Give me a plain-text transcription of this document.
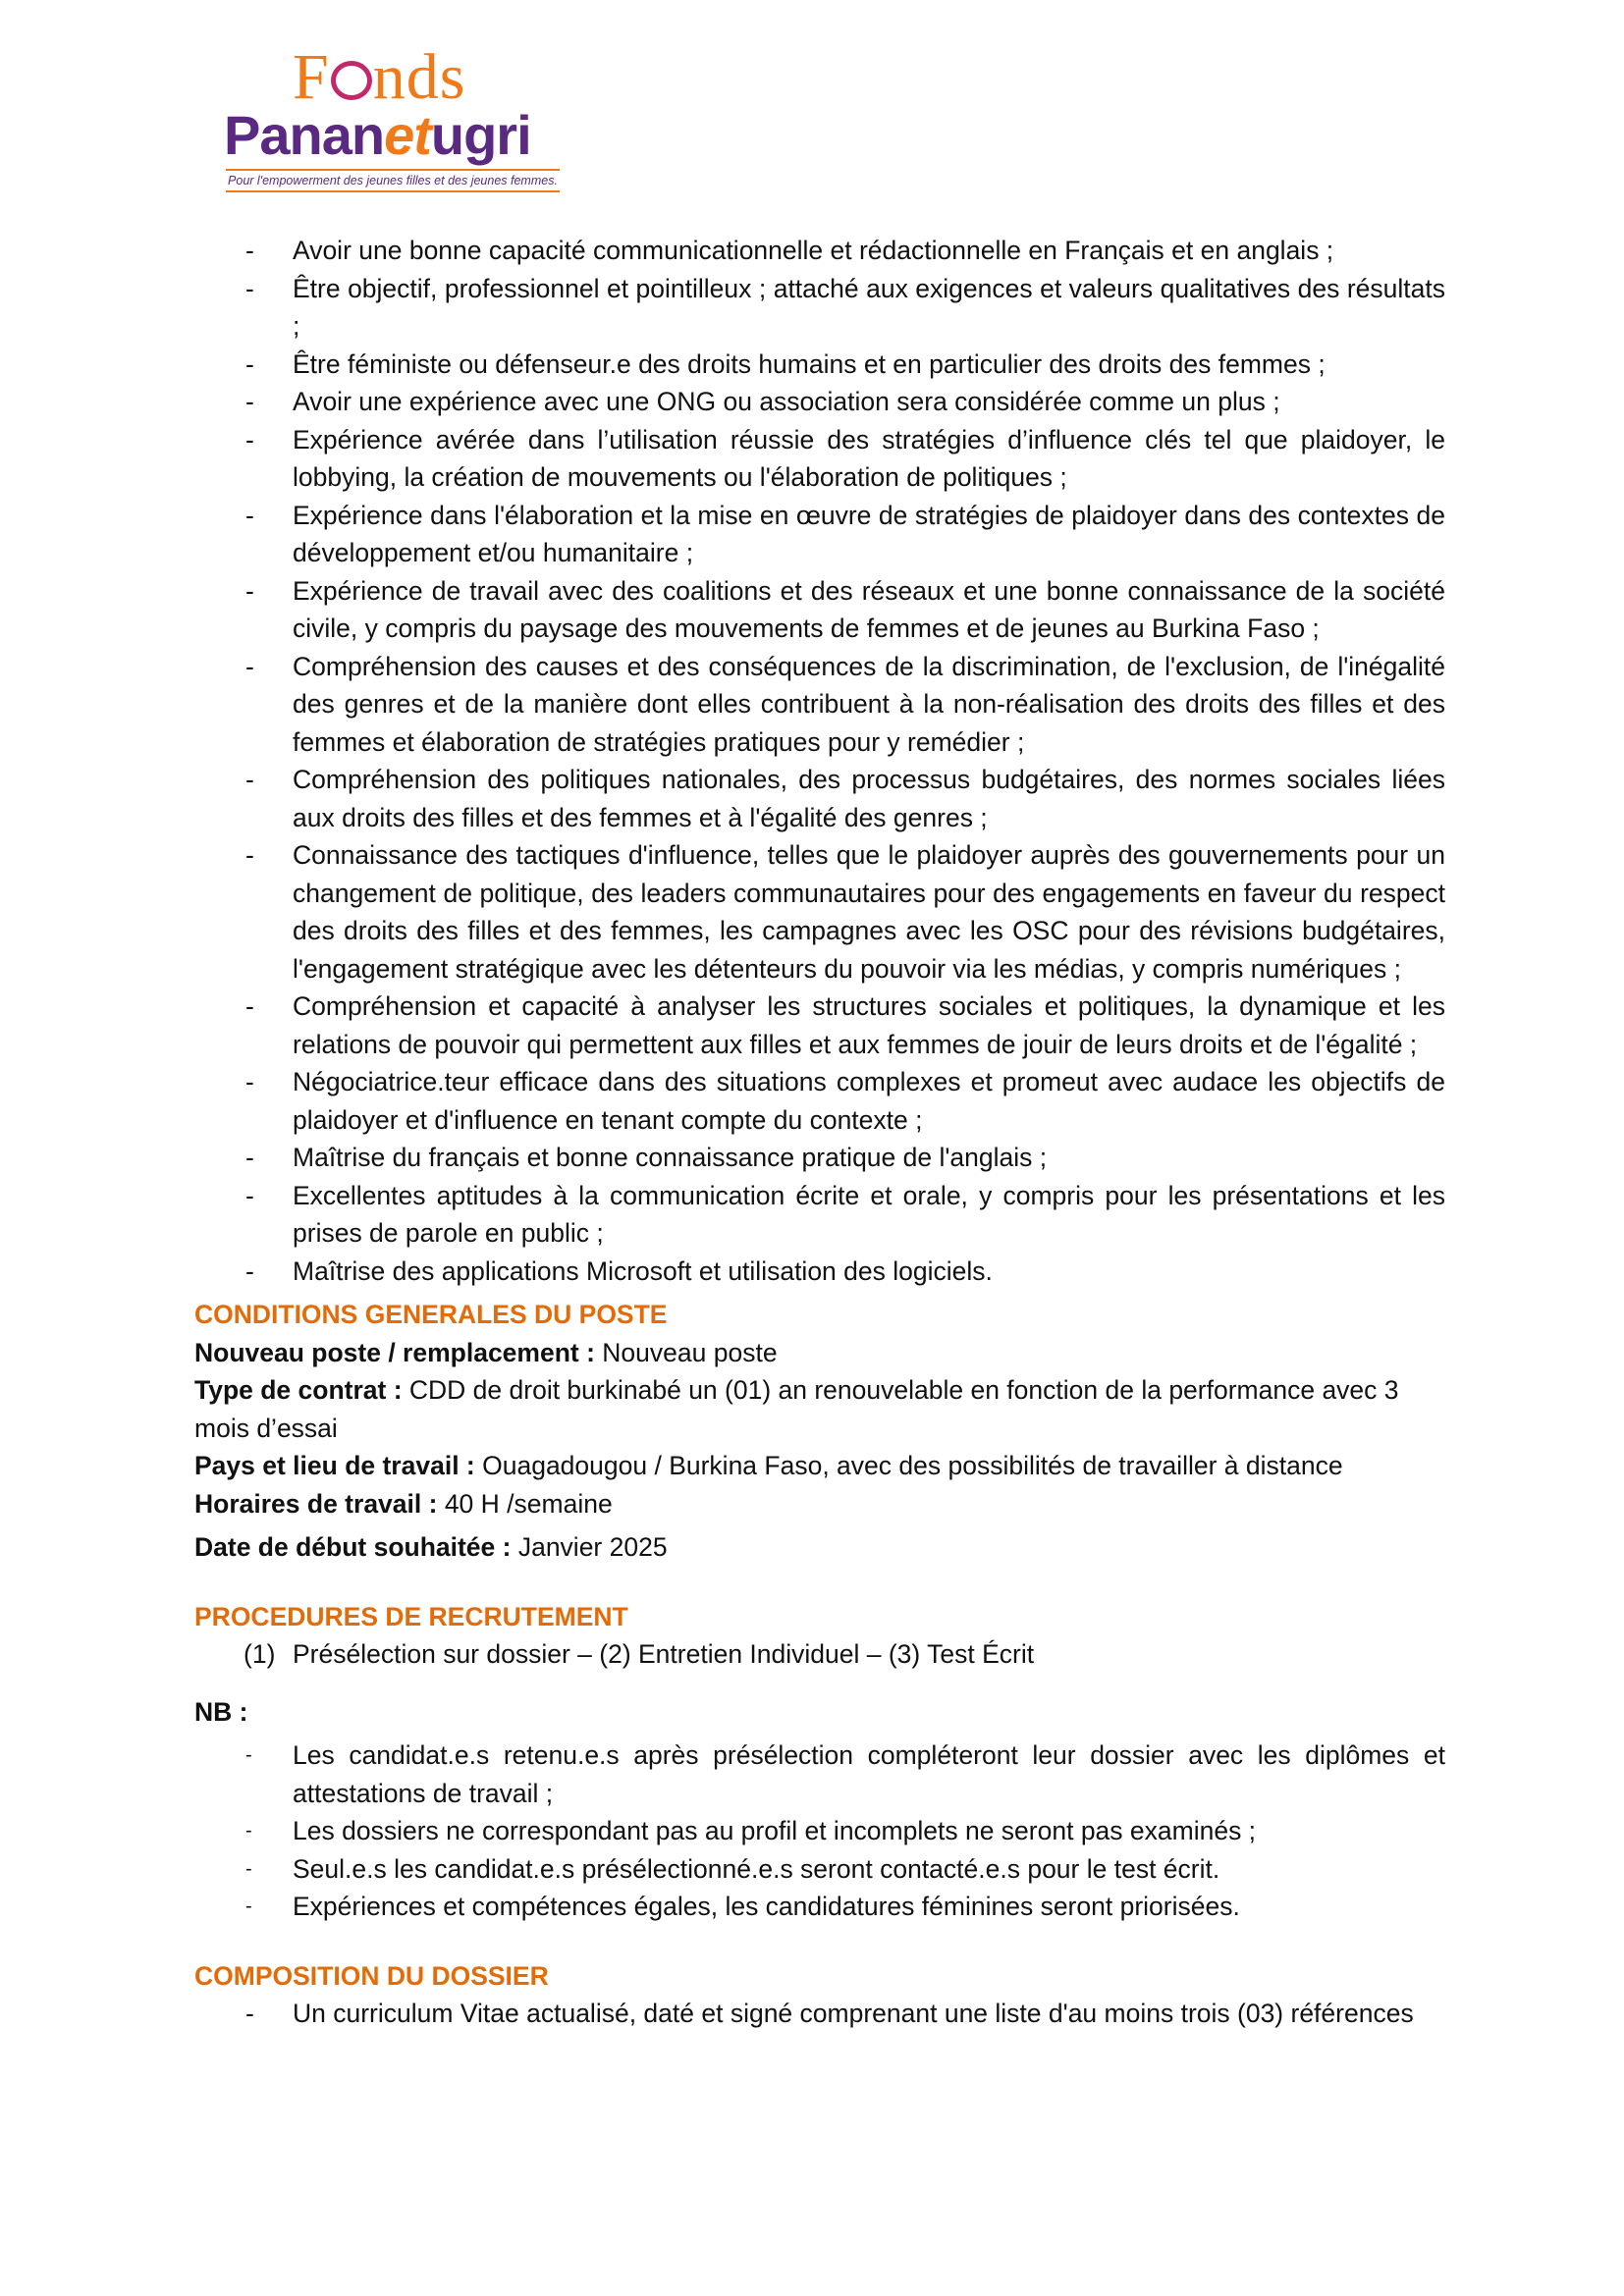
F nds
Pananetugri
Pour l'empowerment des jeunes filles et des jeunes femmes.
- Avoir une bonne capacité communicationnelle et rédactionnelle en Français et en anglais ;
- Être objectif, professionnel et pointilleux ; attaché aux exigences et valeurs qualitatives des résultats ;
- Être féministe ou défenseur.e des droits humains et en particulier des droits des femmes ;
- Avoir une expérience avec une ONG ou association sera considérée comme un plus ;
- Expérience avérée dans l’utilisation réussie des stratégies d’influence clés tel que plaidoyer, le lobbying, la création de mouvements ou l'élaboration de politiques ;
- Expérience dans l'élaboration et la mise en œuvre de stratégies de plaidoyer dans des contextes de développement et/ou humanitaire ;
- Expérience de travail avec des coalitions et des réseaux et une bonne connaissance de la société civile, y compris du paysage des mouvements de femmes et de jeunes au Burkina Faso ;
- Compréhension des causes et des conséquences de la discrimination, de l'exclusion, de l'inégalité des genres et de la manière dont elles contribuent à la non-réalisation des droits des filles et des femmes et élaboration de stratégies pratiques pour y remédier ;
- Compréhension des politiques nationales, des processus budgétaires, des normes sociales liées aux droits des filles et des femmes et à l'égalité des genres ;
- Connaissance des tactiques d'influence, telles que le plaidoyer auprès des gouvernements pour un changement de politique, des leaders communautaires pour des engagements en faveur du respect des droits des filles et des femmes, les campagnes avec les OSC pour des révisions budgétaires, l'engagement stratégique avec les détenteurs du pouvoir via les médias, y compris numériques ;
- Compréhension et capacité à analyser les structures sociales et politiques, la dynamique et les relations de pouvoir qui permettent aux filles et aux femmes de jouir de leurs droits et de l'égalité ;
- Négociatrice.teur efficace dans des situations complexes et promeut avec audace les objectifs de plaidoyer et d'influence en tenant compte du contexte ;
- Maîtrise du français et bonne connaissance pratique de l'anglais ;
- Excellentes aptitudes à la communication écrite et orale, y compris pour les présentations et les prises de parole en public ;
- Maîtrise des applications Microsoft et utilisation des logiciels.

CONDITIONS GENERALES DU POSTE

Nouveau poste / remplacement : Nouveau poste

Type de contrat : CDD de droit burkinabé un (01) an renouvelable en fonction de la performance avec 3 mois d’essai

Pays et lieu de travail : Ouagadougou / Burkina Faso, avec des possibilités de travailler à distance

Horaires de travail : 40 H /semaine

Date de début souhaitée : Janvier 2025

PROCEDURES DE RECRUTEMENT

(1) Présélection sur dossier – (2) Entretien Individuel – (3) Test Écrit

NB :

- Les candidat.e.s retenu.e.s après présélection compléteront leur dossier avec les diplômes et attestations de travail ;
- Les dossiers ne correspondant pas au profil et incomplets ne seront pas examinés ;
- Seul.e.s les candidat.e.s présélectionné.e.s seront contacté.e.s pour le test écrit.
- Expériences et compétences égales, les candidatures féminines seront priorisées.

COMPOSITION DU DOSSIER

- Un curriculum Vitae actualisé, daté et signé comprenant une liste d'au moins trois (03) références
